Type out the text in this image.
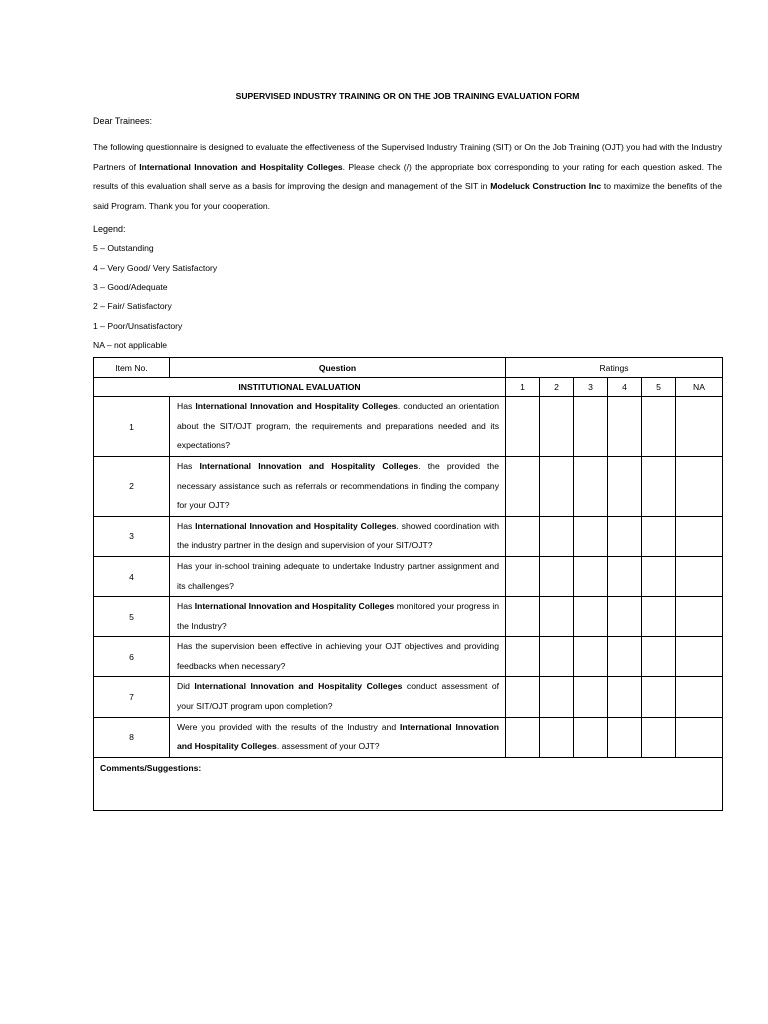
SUPERVISED INDUSTRY TRAINING OR ON THE JOB TRAINING EVALUATION FORM

Dear Trainees:

The following questionnaire is designed to evaluate the effectiveness of the Supervised Industry Training (SIT) or On the Job Training (OJT) you had with the Industry Partners of International Innovation and Hospitality Colleges. Please check (/) the appropriate box corresponding to your rating for each question asked. The results of this evaluation shall serve as a basis for improving the design and management of the SIT in Modeluck Construction Inc to maximize the benefits of the said Program. Thank you for your cooperation.

Legend:

5 – Outstanding

4 – Very Good/ Very Satisfactory

3 – Good/Adequate

2 – Fair/ Satisfactory

1 – Poor/Unsatisfactory

NA – not applicable

Item No.	Question	Ratings					
INSTITUTIONAL EVALUATION		1	2	3	4	5	NA
1	Has International Innovation and Hospitality Colleges. conducted an orientation about the SIT/OJT program, the requirements and preparations needed and its expectations?						
2	Has International Innovation and Hospitality Colleges. the provided the necessary assistance such as referrals or recommendations in finding the company for your OJT?						
3	Has International Innovation and Hospitality Colleges. showed coordination with the industry partner in the design and supervision of your SIT/OJT?						
4	Has your in-school training adequate to undertake Industry partner assignment and its challenges?						
5	Has International Innovation and Hospitality Colleges monitored your progress in the Industry?						
6	Has the supervision been effective in achieving your OJT objectives and providing feedbacks when necessary?						
7	Did International Innovation and Hospitality Colleges conduct assessment of your SIT/OJT program upon completion?						
8	Were you provided with the results of the Industry and International Innovation and Hospitality Colleges. assessment of your OJT?						
Comments/Suggestions:							
